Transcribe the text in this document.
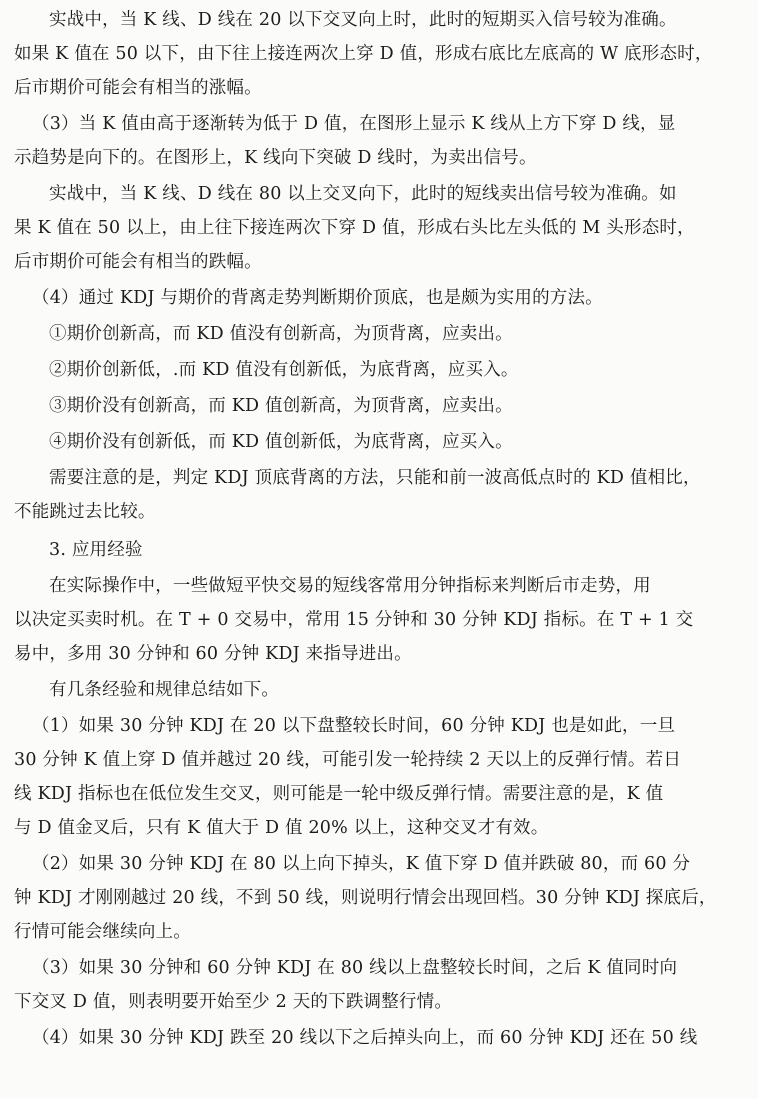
实战中，当 K 线、D 线在 20 以下交叉向上时，此时的短期买入信号较为准确。
如果 K 值在 50 以下，由下往上接连两次上穿 D 值，形成右底比左底高的 W 底形态时，
后市期价可能会有相当的涨幅。
（3）当 K 值由高于逐渐转为低于 D 值，在图形上显示 K 线从上方下穿 D 线，显
示趋势是向下的。在图形上，K 线向下突破 D 线时，为卖出信号。
实战中，当 K 线、D 线在 80 以上交叉向下，此时的短线卖出信号较为准确。如
果 K 值在 50 以上，由上往下接连两次下穿 D 值，形成右头比左头低的 M 头形态时，
后市期价可能会有相当的跌幅。
（4）通过 KDJ 与期价的背离走势判断期价顶底，也是颇为实用的方法。
①期价创新高，而 KD 值没有创新高，为顶背离，应卖出。
②期价创新低，.而 KD 值没有创新低，为底背离，应买入。
③期价没有创新高，而 KD 值创新高，为顶背离，应卖出。
④期价没有创新低，而 KD 值创新低，为底背离，应买入。
需要注意的是，判定 KDJ 顶底背离的方法，只能和前一波高低点时的 KD 值相比，
不能跳过去比较。
3. 应用经验
在实际操作中，一些做短平快交易的短线客常用分钟指标来判断后市走势，用
以决定买卖时机。在 T + 0 交易中，常用 15 分钟和 30 分钟 KDJ 指标。在 T + 1 交
易中，多用 30 分钟和 60 分钟 KDJ 来指导进出。
有几条经验和规律总结如下。
（1）如果 30 分钟 KDJ 在 20 以下盘整较长时间，60 分钟 KDJ 也是如此，一旦
30 分钟 K 值上穿 D 值并越过 20 线，可能引发一轮持续 2 天以上的反弹行情。若日
线 KDJ 指标也在低位发生交叉，则可能是一轮中级反弹行情。需要注意的是，K 值
与 D 值金叉后，只有 K 值大于 D 值 20% 以上，这种交叉才有效。
（2）如果 30 分钟 KDJ 在 80 以上向下掉头，K 值下穿 D 值并跌破 80，而 60 分
钟 KDJ 才刚刚越过 20 线，不到 50 线，则说明行情会出现回档。30 分钟 KDJ 探底后，
行情可能会继续向上。
（3）如果 30 分钟和 60 分钟 KDJ 在 80 线以上盘整较长时间，之后 K 值同时向
下交叉 D 值，则表明要开始至少 2 天的下跌调整行情。
（4）如果 30 分钟 KDJ 跌至 20 线以下之后掉头向上，而 60 分钟 KDJ 还在 50 线
